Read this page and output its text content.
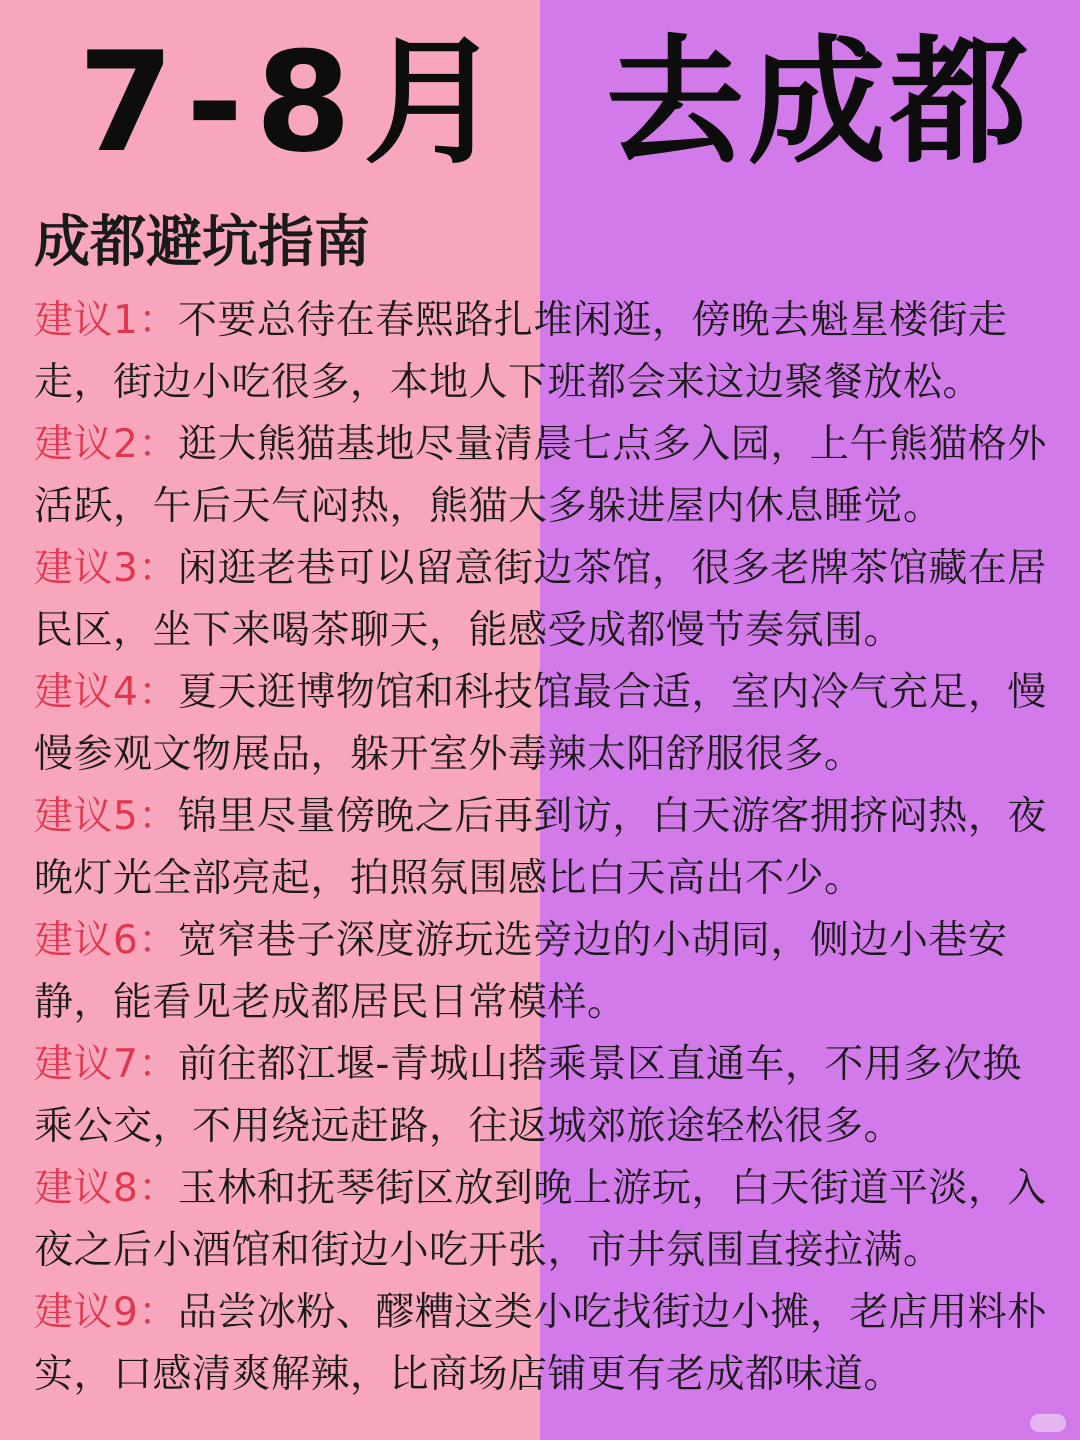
7-8月 去成都
成都避坑指南
建议1：不要总待在春熙路扎堆闲逛，傍晚去魁星楼街走走，街边小吃很多，本地人下班都会来这边聚餐放松。
建议2：逛大熊猫基地尽量清晨七点多入园，上午熊猫格外活跃，午后天气闷热，熊猫大多躲进屋内休息睡觉。
建议3：闲逛老巷可以留意街边茶馆，很多老牌茶馆藏在居民区，坐下来喝茶聊天，能感受成都慢节奏氛围。
建议4：夏天逛博物馆和科技馆最合适，室内冷气充足，慢慢参观文物展品，躲开室外毒辣太阳舒服很多。
建议5：锦里尽量傍晚之后再到访，白天游客拥挤闷热，夜晚灯光全部亮起，拍照氛围感比白天高出不少。
建议6：宽窄巷子深度游玩选旁边的小胡同，侧边小巷安静，能看见老成都居民日常模样。
建议7：前往都江堰-青城山搭乘景区直通车，不用多次换乘公交，不用绕远赶路，往返城郊旅途轻松很多。
建议8：玉林和抚琴街区放到晚上游玩，白天街道平淡，入夜之后小酒馆和街边小吃开张，市井氛围直接拉满。
建议9：品尝冰粉、醪糟这类小吃找街边小摊，老店用料朴实，口感清爽解辣，比商场店铺更有老成都味道。
